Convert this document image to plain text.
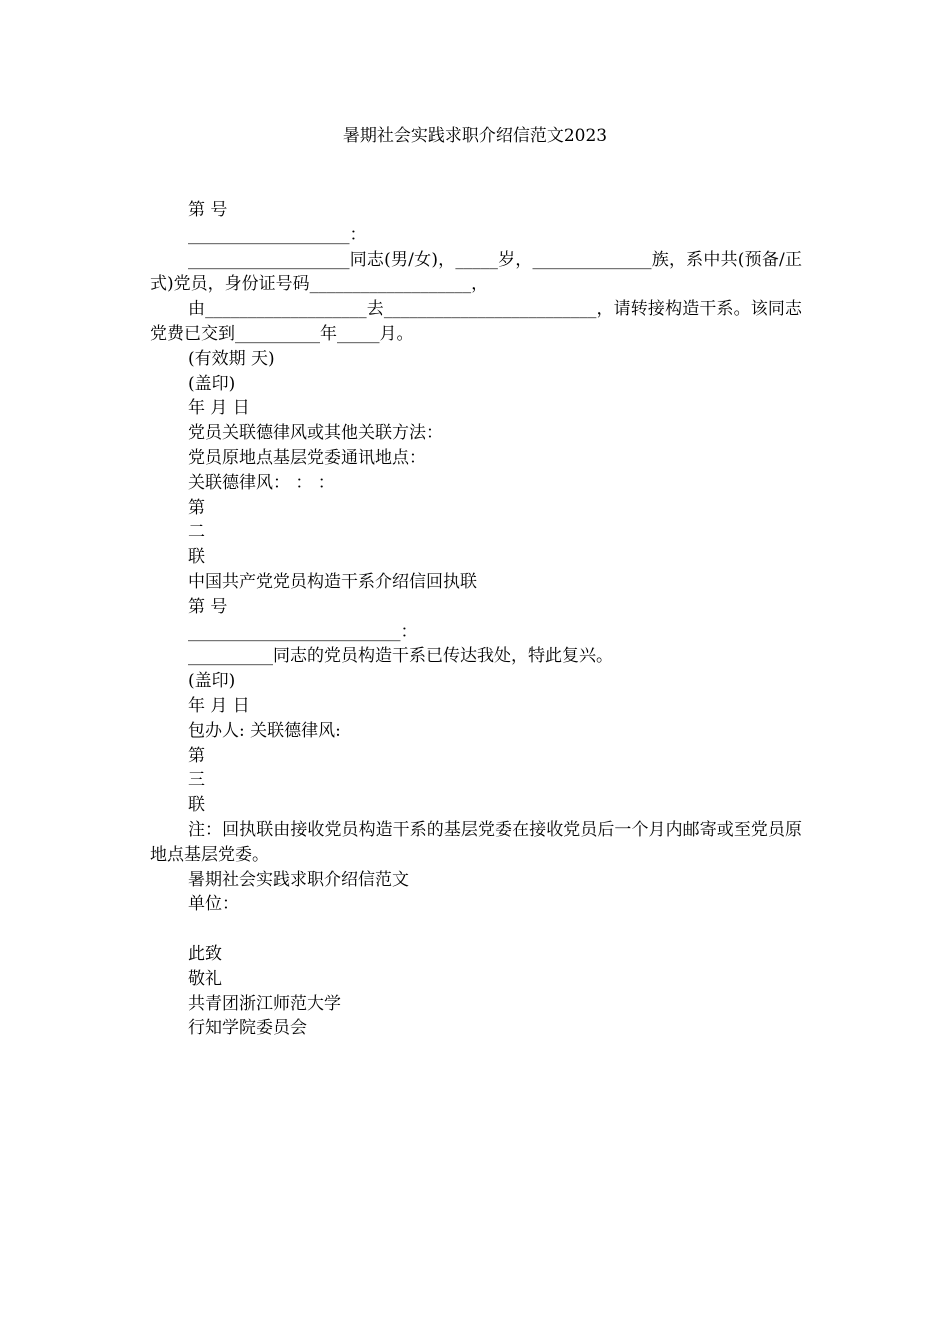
暑期社会实践求职介绍信范文2023

第 号

___________________：

___________________同志(男/女)，_____岁，______________族，系中共(预备/正式)党员，身份证号码___________________，

由___________________去_________________________，请转接构造干系。该同志党费已交到__________年_____月。

(有效期 天)

(盖印)

年 月 日

党员关联德律风或其他关联方法：

党员原地点基层党委通讯地点：

关联德律风： ： ：

第

二

联

中国共产党党员构造干系介绍信回执联

第 号

_________________________：

__________同志的党员构造干系已传达我处，特此复兴。

(盖印)

年 月 日

包办人: 关联德律风:

第

三

联

注：回执联由接收党员构造干系的基层党委在接收党员后一个月内邮寄或至党员原地点基层党委。

暑期社会实践求职介绍信范文

单位：

此致

敬礼

共青团浙江师范大学

行知学院委员会
